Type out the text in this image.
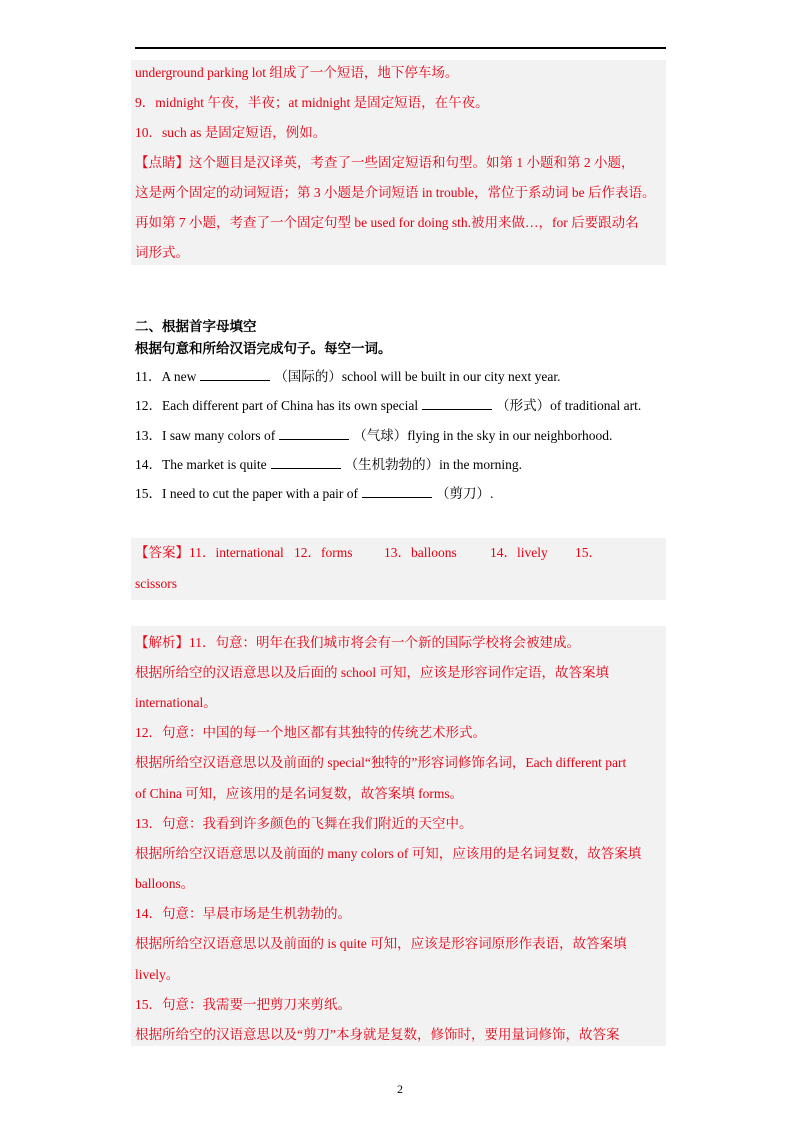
underground parking lot 组成了一个短语，地下停车场。
9．midnight 午夜，半夜；at midnight 是固定短语，在午夜。
10．such as 是固定短语，例如。
【点睛】这个题目是汉译英，考查了一些固定短语和句型。如第 1 小题和第 2 小题，
这是两个固定的动词短语；第 3 小题是介词短语 in trouble，常位于系动词 be 后作表语。
再如第 7 小题，考查了一个固定句型 be used for doing sth.被用来做…，for 后要跟动名
词形式。
二、根据首字母填空
根据句意和所给汉语完成句子。每空一词。
11．A new	（国际的）school will be built in our city next year.
12．Each different part of China has its own special	（形式）of traditional art.
13．I saw many colors of	（气球）flying in the sky in our neighborhood.
14．The market is quite	（生机勃勃的）in the morning.
15．I need to cut the paper with a pair of	（剪刀）.
【答案】11．international 12．forms 13．balloons 14．lively 15．
scissors
【解析】11．句意：明年在我们城市将会有一个新的国际学校将会被建成。
根据所给空的汉语意思以及后面的 school 可知，应该是形容词作定语，故答案填
international。
12．句意：中国的每一个地区都有其独特的传统艺术形式。
根据所给空汉语意思以及前面的 special“独特的”形容词修饰名词，Each different part
of China 可知，应该用的是名词复数，故答案填 forms。
13．句意：我看到许多颜色的飞舞在我们附近的天空中。
根据所给空汉语意思以及前面的 many colors of 可知，应该用的是名词复数，故答案填
balloons。
14．句意：早晨市场是生机勃勃的。
根据所给空汉语意思以及前面的 is quite 可知，应该是形容词原形作表语，故答案填
lively。
15．句意：我需要一把剪刀来剪纸。
根据所给空的汉语意思以及“剪刀”本身就是复数，修饰时，要用量词修饰，故答案
2
